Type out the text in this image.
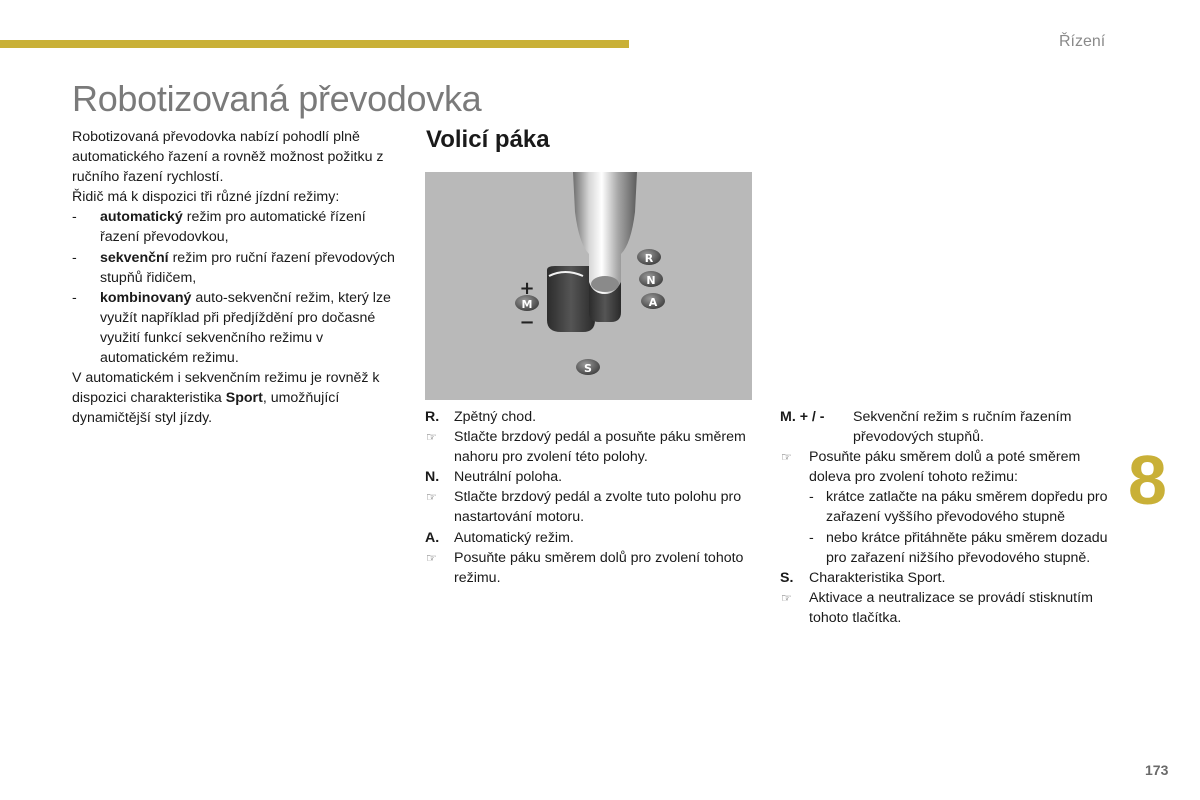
Řízení
Robotizovaná převodovka

Robotizovaná převodovka nabízí pohodlí plně automatického řazení a rovněž možnost požitku z ručního řazení rychlostí.

Řidič má k dispozici tři různé jízdní režimy:

- automatický režim pro automatické řízení řazení převodovkou,
- sekvenční režim pro ruční řazení převodových stupňů řidičem,
- kombinovaný auto-sekvenční režim, který lze využít například při předjíždění pro dočasné využití funkcí sekvenčního režimu v automatickém režimu.

V automatickém i sekvenčním režimu je rovněž k dispozici charakteristika Sport, umožňující dynamičtější styl jízdy.

Volicí páka
R
N
A
M
+
−
S
R. Zpětný chod.
☞ Stlačte brzdový pedál a posuňte páku směrem nahoru pro zvolení této polohy.
N. Neutrální poloha.
☞ Stlačte brzdový pedál a zvolte tuto polohu pro nastartování motoru.
A. Automatický režim.
☞ Posuňte páku směrem dolů pro zvolení tohoto režimu.
M. + / - Sekvenční režim s ručním řazením převodových stupňů.
☞ Posuňte páku směrem dolů a poté směrem doleva pro zvolení tohoto režimu:
- krátce zatlačte na páku směrem dopředu pro zařazení vyššího převodového stupně
- nebo krátce přitáhněte páku směrem dozadu pro zařazení nižšího převodového stupně.
S. Charakteristika Sport.
☞ Aktivace a neutralizace se provádí stisknutím tohoto tlačítka.
8
173
